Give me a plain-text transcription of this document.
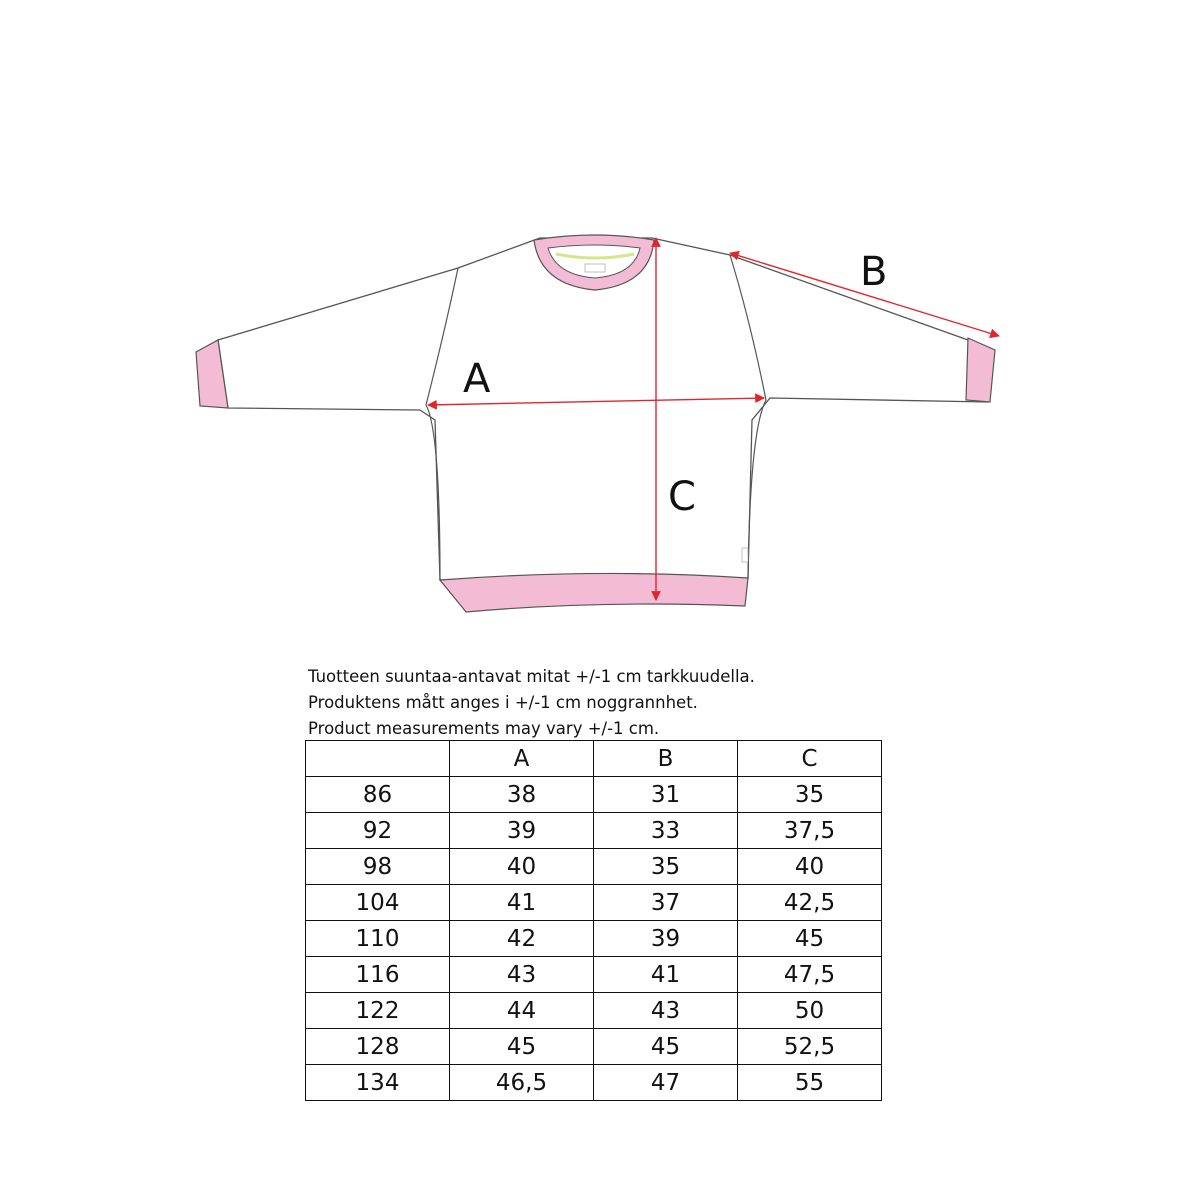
A
B
C
Tuotteen suuntaa-antavat mitat +/-1 cm tarkkuudella.
Produktens mått anges i +/-1 cm noggrannhet.
Product measurements may vary +/-1 cm.
	A	B	C
86	38	31	35
92	39	33	37,5
98	40	35	40
104	41	37	42,5
110	42	39	45
116	43	41	47,5
122	44	43	50
128	45	45	52,5
134	46,5	47	55
